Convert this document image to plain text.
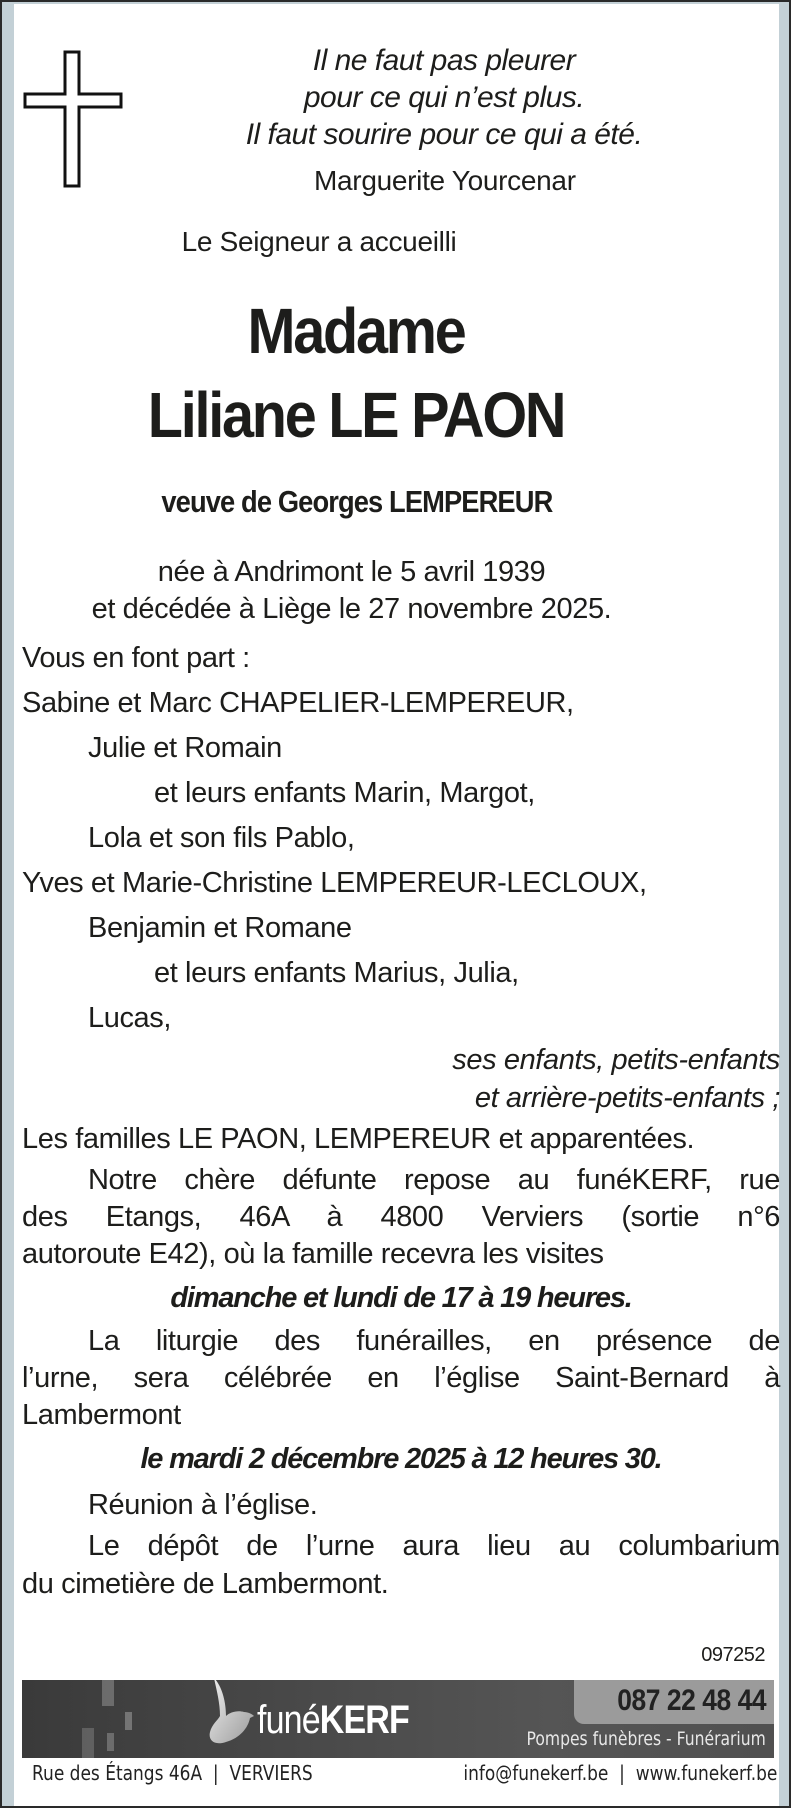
Il ne faut pas pleurer
pour ce qui n’est plus.
Il faut sourire pour ce qui a été.
Marguerite Yourcenar
Le Seigneur a accueilli
Madame
Liliane LE PAON
veuve de Georges LEMPEREUR
née à Andrimont le 5 avril 1939
et décédée à Liège le 27 novembre 2025.
Vous en font part :
Sabine et Marc CHAPELIER-LEMPEREUR,
Julie et Romain
et leurs enfants Marin, Margot,
Lola et son fils Pablo,
Yves et Marie-Christine LEMPEREUR-LECLOUX,
Benjamin et Romane
et leurs enfants Marius, Julia,
Lucas,
ses enfants, petits-enfants
et arrière-petits-enfants ;
Les familles LE PAON, LEMPEREUR et apparentées.
Notre chère défunte repose au funéKERF, rue
des Etangs, 46A à 4800 Verviers (sortie n°6
autoroute E42), où la famille recevra les visites
dimanche et lundi de 17 à 19 heures.
La liturgie des funérailles, en présence de
l’urne, sera célébrée en l’église Saint-Bernard à
Lambermont
le mardi 2 décembre 2025 à 12 heures 30.
Réunion à l’église.
Le dépôt de l’urne aura lieu au columbarium
du cimetière de Lambermont.
097252
funéKERF	087 22 48 44
Pompes funèbres - Funérarium
Rue des Étangs 46A  |  VERVIERS	info@funekerf.be  |  www.funekerf.be
